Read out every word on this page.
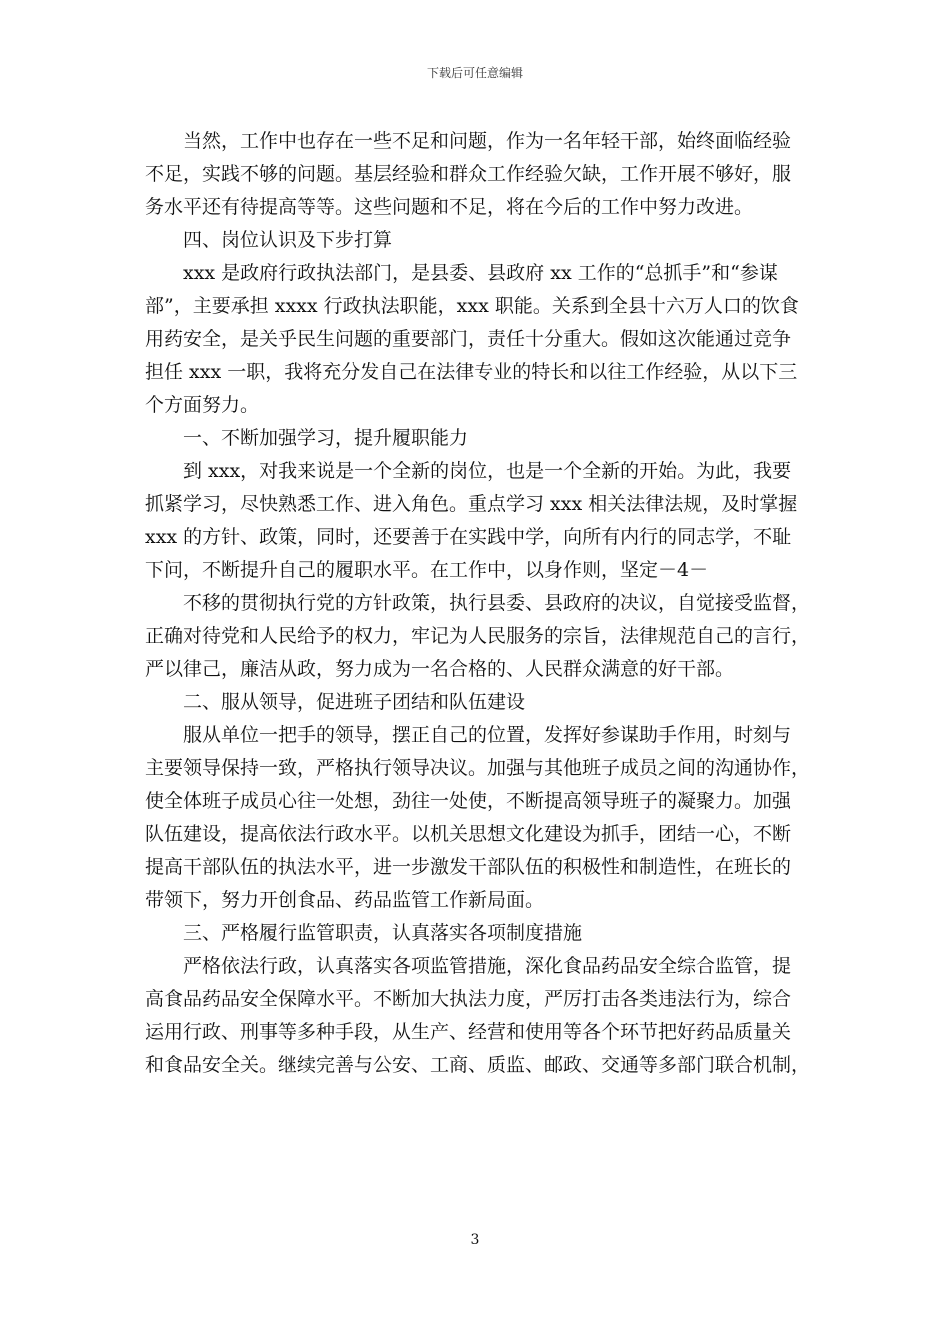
下载后可任意编辑
当然，工作中也存在一些不足和问题，作为一名年轻干部，始终面临经验
不足，实践不够的问题。基层经验和群众工作经验欠缺，工作开展不够好，服
务水平还有待提高等等。这些问题和不足，将在今后的工作中努力改进。
四、岗位认识及下步打算
xxx 是政府行政执法部门，是县委、县政府 xx 工作的“总抓手”和“参谋
部”，主要承担 xxxx 行政执法职能，xxx 职能。关系到全县十六万人口的饮食
用药安全，是关乎民生问题的重要部门，责任十分重大。假如这次能通过竞争
担任 xxx 一职，我将充分发自己在法律专业的特长和以往工作经验，从以下三
个方面努力。
一、不断加强学习，提升履职能力
到 xxx，对我来说是一个全新的岗位，也是一个全新的开始。为此，我要
抓紧学习，尽快熟悉工作、进入角色。重点学习 xxx 相关法律法规，及时掌握
xxx 的方针、政策，同时，还要善于在实践中学，向所有内行的同志学，不耻
下问，不断提升自己的履职水平。在工作中，以身作则，坚定－4－
不移的贯彻执行党的方针政策，执行县委、县政府的决议，自觉接受监督，
正确对待党和人民给予的权力，牢记为人民服务的宗旨，法律规范自己的言行，
严以律己，廉洁从政，努力成为一名合格的、人民群众满意的好干部。
二、服从领导，促进班子团结和队伍建设
服从单位一把手的领导，摆正自己的位置，发挥好参谋助手作用，时刻与
主要领导保持一致，严格执行领导决议。加强与其他班子成员之间的沟通协作，
使全体班子成员心往一处想，劲往一处使，不断提高领导班子的凝聚力。加强
队伍建设，提高依法行政水平。以机关思想文化建设为抓手，团结一心，不断
提高干部队伍的执法水平，进一步激发干部队伍的积极性和制造性，在班长的
带领下，努力开创食品、药品监管工作新局面。
三、严格履行监管职责，认真落实各项制度措施
严格依法行政，认真落实各项监管措施，深化食品药品安全综合监管，提
高食品药品安全保障水平。不断加大执法力度，严厉打击各类违法行为，综合
运用行政、刑事等多种手段，从生产、经营和使用等各个环节把好药品质量关
和食品安全关。继续完善与公安、工商、质监、邮政、交通等多部门联合机制，
3
